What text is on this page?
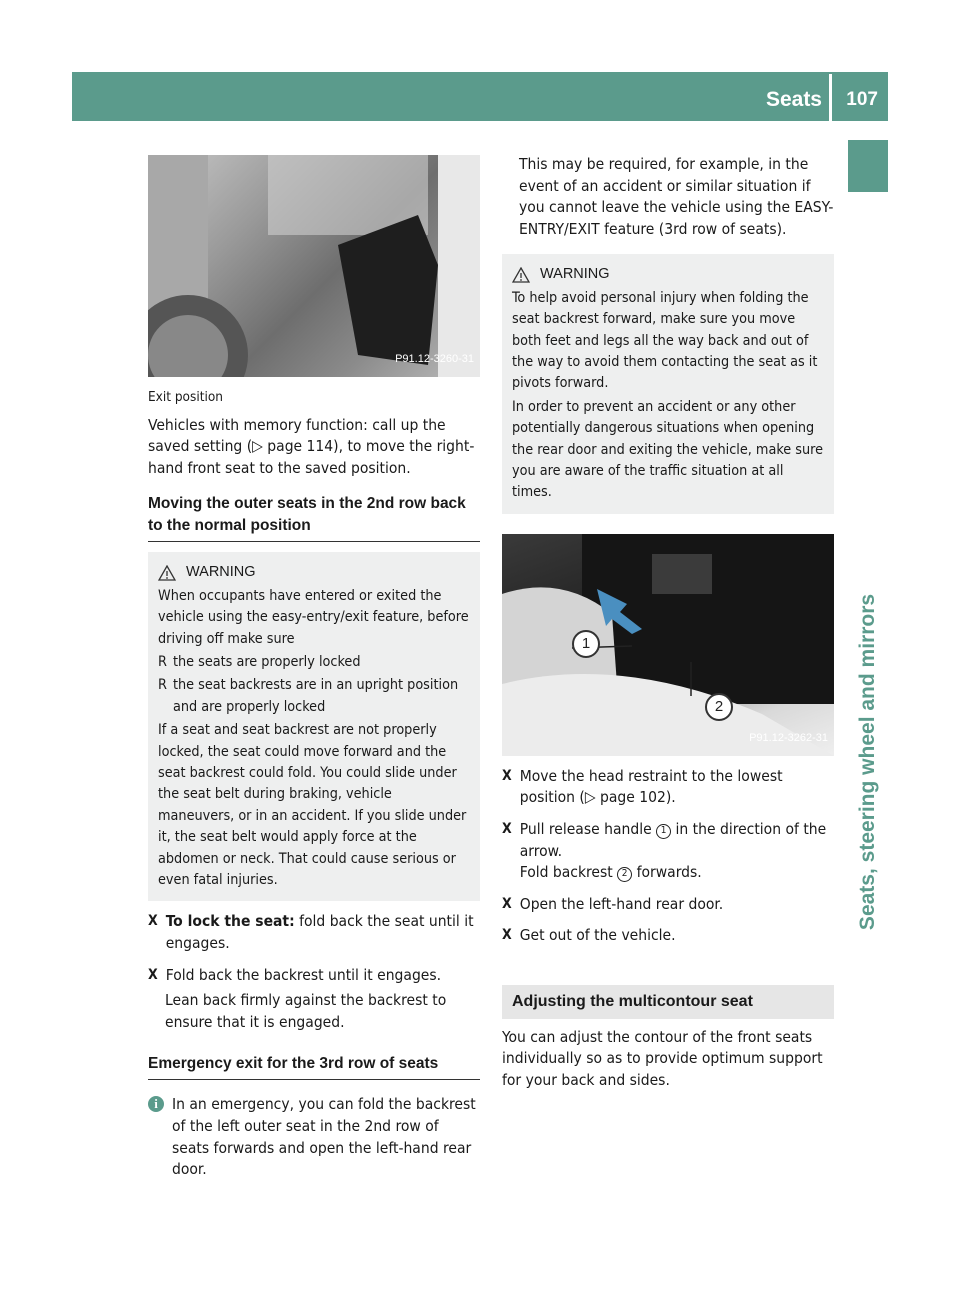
Seats 107
Seats, steering wheel and mirrors
P91.12-3260-31
Exit position

Vehicles with memory function: call up the saved setting (▷ page 114), to move the right-hand front seat to the saved position.

Moving the outer seats in the 2nd row back to the normal position
WARNING

When occupants have entered or exited the vehicle using the easy-entry/exit feature, before driving off make sure

R the seats are properly locked
R the seat backrests are in an upright position and are properly locked

If a seat and seat backrest are not properly locked, the seat could move forward and the seat backrest could fold. You could slide under the seat belt during braking, vehicle maneuvers, or in an accident. If you slide under it, the seat belt would apply force at the abdomen or neck. That could cause serious or even fatal injuries.

X To lock the seat: fold back the seat until it engages.
X Fold back the backrest until it engages.

Lean back firmly against the backrest to ensure that it is engaged.

Emergency exit for the 3rd row of seats
i In an emergency, you can fold the backrest of the left outer seat in the 2nd row of seats forwards and open the left-hand rear door.

This may be required, for example, in the event of an accident or similar situation if you cannot leave the vehicle using the EASY-ENTRY/EXIT feature (3rd row of seats).

WARNING

To help avoid personal injury when folding the seat backrest forward, make sure you move both feet and legs all the way back and out of the way to avoid them contacting the seat as it pivots forward.

In order to prevent an accident or any other potentially dangerous situations when opening the rear door and exiting the vehicle, make sure you are aware of the traffic situation at all times.

1
2
P91.12-3262-31
X Move the head restraint to the lowest position (▷ page 102).
X Pull release handle 1 in the direction of the arrow.
Fold backrest 2 forwards.
X Open the left-hand rear door.
X Get out of the vehicle.
Adjusting the multicontour seat

You can adjust the contour of the front seats individually so as to provide optimum support for your back and sides.
